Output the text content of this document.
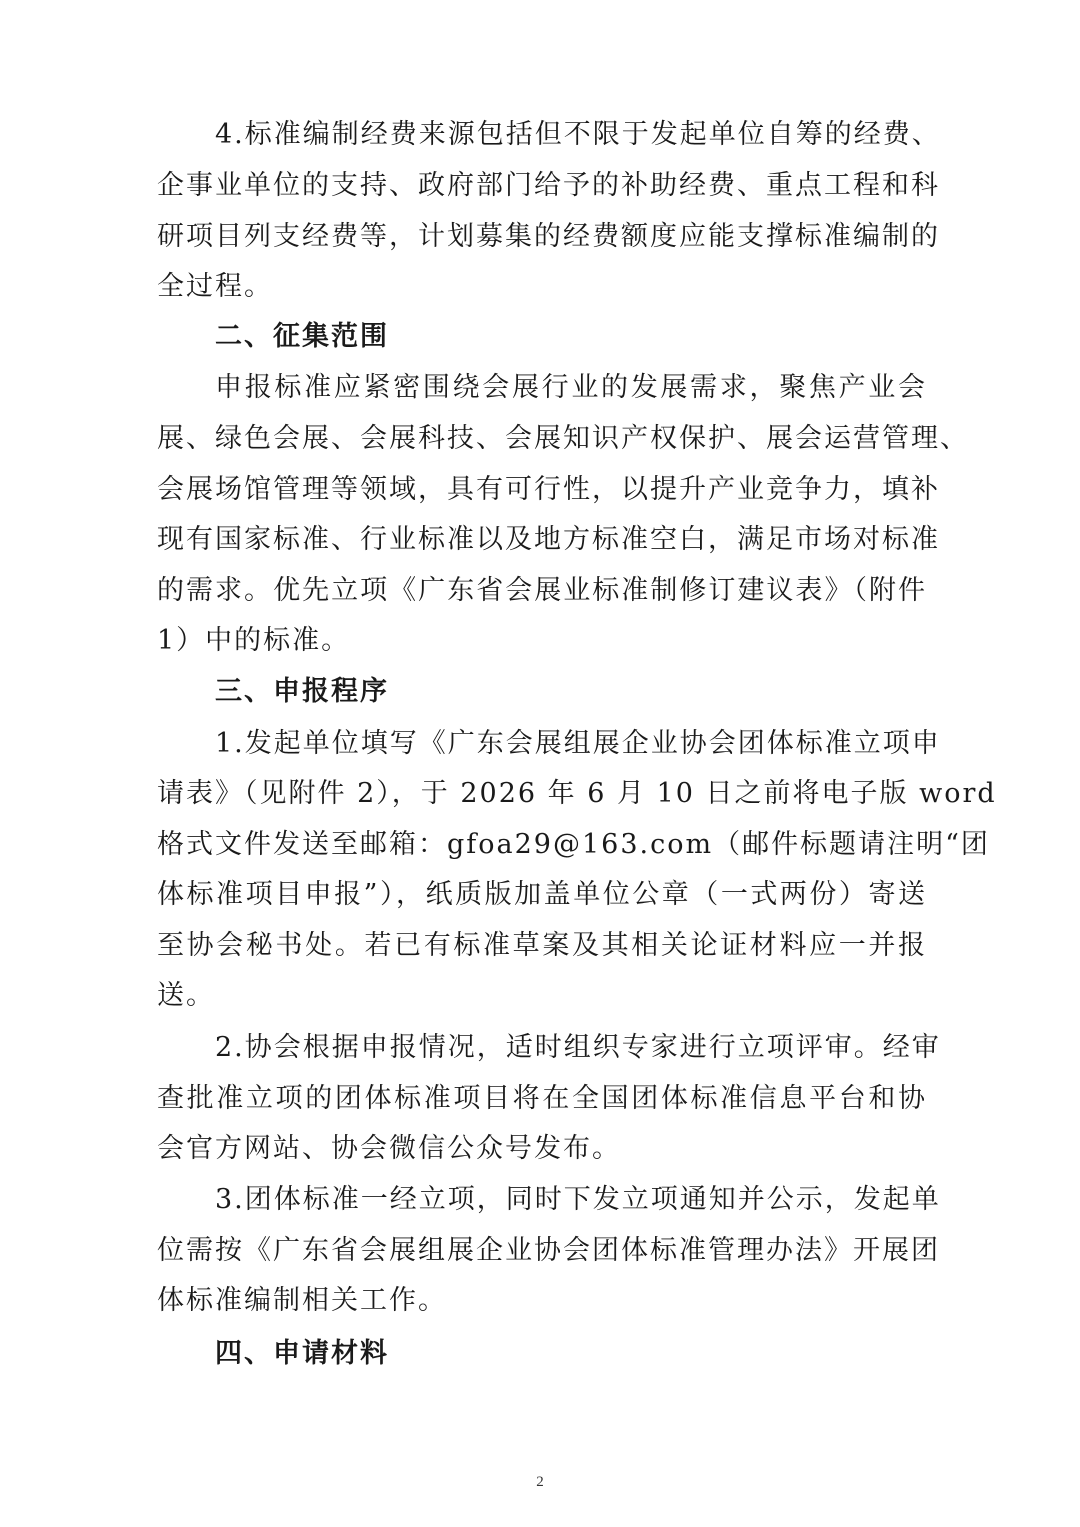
4.标准编制经费来源包括但不限于发起单位自筹的经费、
企事业单位的支持、政府部门给予的补助经费、重点工程和科
研项目列支经费等，计划募集的经费额度应能支撑标准编制的
全过程。
二、征集范围
申报标准应紧密围绕会展行业的发展需求，聚焦产业会
展、绿色会展、会展科技、会展知识产权保护、展会运营管理、
会展场馆管理等领域，具有可行性，以提升产业竞争力，填补
现有国家标准、行业标准以及地方标准空白，满足市场对标准
的需求。优先立项《广东省会展业标准制修订建议表》（附件
1）中的标准。
三、申报程序
1.发起单位填写《广东会展组展企业协会团体标准立项申
请表》（见附件 2），于 2026 年 6 月 10 日之前将电子版 word
格式文件发送至邮箱：gfoa29@163.com（邮件标题请注明“团
体标准项目申报”），纸质版加盖单位公章（一式两份）寄送
至协会秘书处。若已有标准草案及其相关论证材料应一并报
送。
2.协会根据申报情况，适时组织专家进行立项评审。经审
查批准立项的团体标准项目将在全国团体标准信息平台和协
会官方网站、协会微信公众号发布。
3.团体标准一经立项，同时下发立项通知并公示，发起单
位需按《广东省会展组展企业协会团体标准管理办法》开展团
体标准编制相关工作。
四、申请材料
2
